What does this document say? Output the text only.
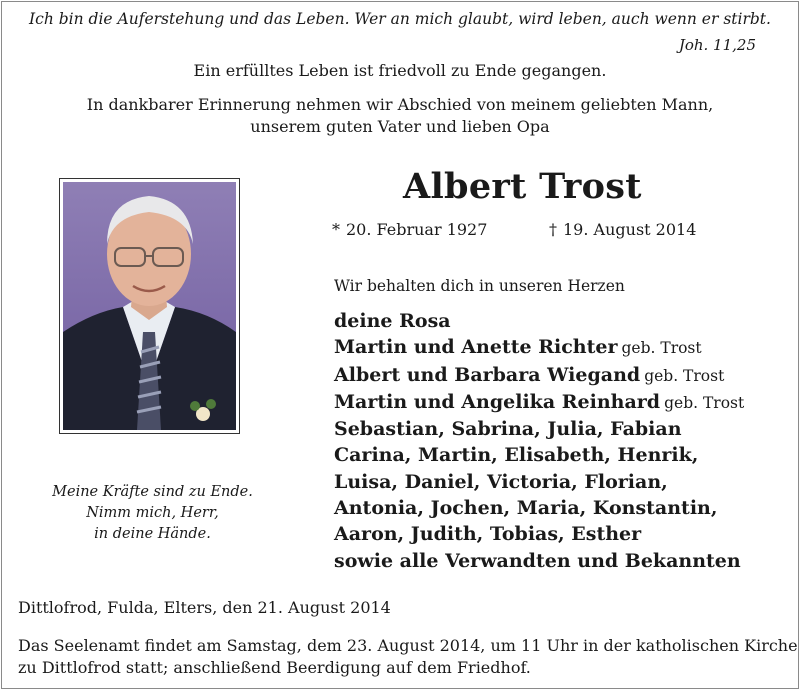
Ich bin die Auferstehung und das Leben. Wer an mich glaubt, wird leben, auch wenn er stirbt.
Joh. 11,25
Ein erfülltes Leben ist friedvoll zu Ende gegangen.
In dankbarer Erinnerung nehmen wir Abschied von meinem geliebten Mann,
unserem guten Vater und lieben Opa
Meine Kräfte sind zu Ende.
Nimm mich, Herr,
in deine Hände.
Albert Trost
* 20. Februar 1927	† 19. August 2014
Wir behalten dich in unseren Herzen
deine Rosa
Martin und Anette Richter geb. Trost
Albert und Barbara Wiegand geb. Trost
Martin und Angelika Reinhard geb. Trost
Sebastian, Sabrina, Julia, Fabian
Carina, Martin, Elisabeth, Henrik,
Luisa, Daniel, Victoria, Florian,
Antonia, Jochen, Maria, Konstantin,
Aaron, Judith, Tobias, Esther
sowie alle Verwandten und Bekannten
Dittlofrod, Fulda, Elters, den 21. August 2014
Das Seelenamt findet am Samstag, dem 23. August 2014, um 11 Uhr in der katholischen Kirche
zu Dittlofrod statt; anschließend Beerdigung auf dem Friedhof.
